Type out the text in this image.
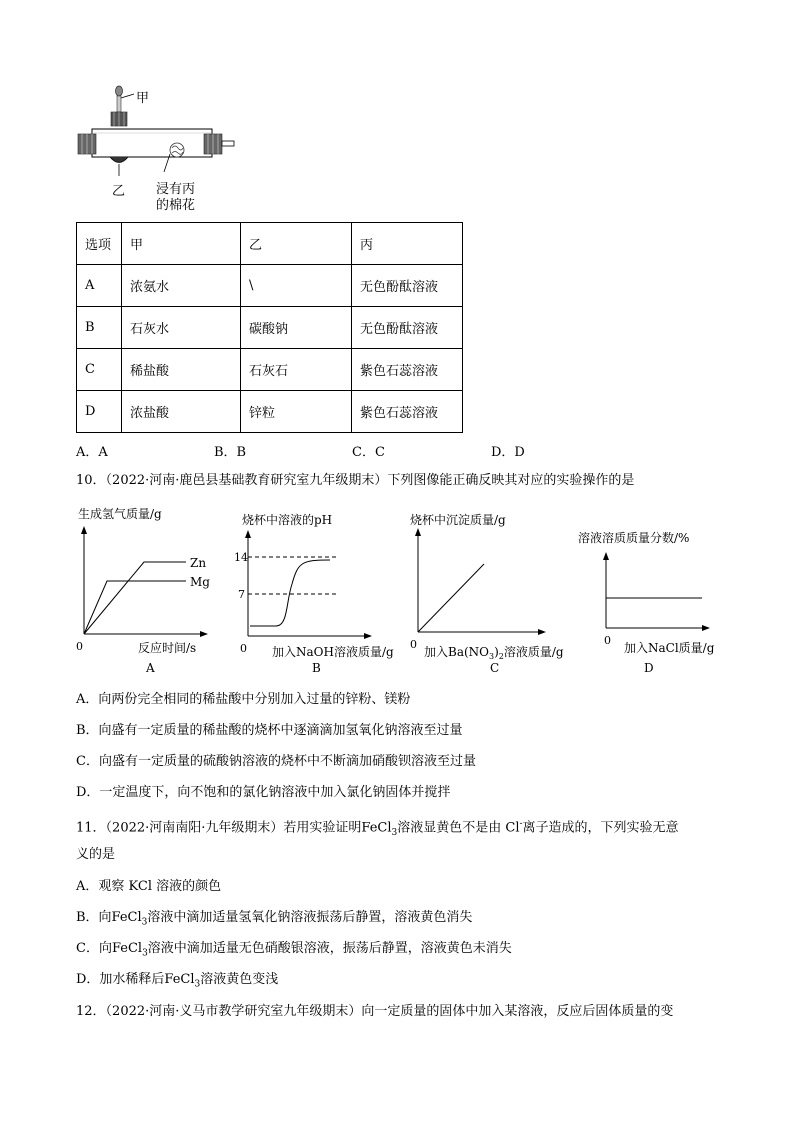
甲
乙 浸有丙
的棉花
选项	甲	乙	丙
A	浓氨水	\	无色酚酞溶液
B	石灰水	碳酸钠	无色酚酞溶液
C	稀盐酸	石灰石	紫色石蕊溶液
D	浓盐酸	锌粒	紫色石蕊溶液
A．A	B．B	C．C	D．D
10．（2022·河南·鹿邑县基础教育研究室九年级期末）下列图像能正确反映其对应的实验操作的是
生成氢气质量/g
Zn
Mg
0	反应时间/s
A
烧杯中溶液的pH
14
7
0 加入NaOH溶液质量/g
B
烧杯中沉淀质量/g
0
加入$Ba(NO_3)_2$溶液质量/g
C
溶液溶质质量分数/%
0
加入NaCl质量/g
D
A．向两份完全相同的稀盐酸中分别加入过量的锌粉、镁粉
B．向盛有一定质量的稀盐酸的烧杯中逐滴滴加氢氧化钠溶液至过量
C．向盛有一定质量的硫酸钠溶液的烧杯中不断滴加硝酸钡溶液至过量
D．一定温度下，向不饱和的氯化钠溶液中加入氯化钠固体并搅拌
11．（2022·河南南阳·九年级期末）若用实验证明FeCl$_3$溶液显黄色不是由 Cl-离子造成的，下列实验无意
义的是
A．观察 KCl 溶液的颜色
B．向FeCl$_3$溶液中滴加适量氢氧化钠溶液振荡后静置，溶液黄色消失
C．向FeCl$_3$溶液中滴加适量无色硝酸银溶液，振荡后静置，溶液黄色未消失
D．加水稀释后FeCl$_3$溶液黄色变浅
12．（2022·河南·义马市教学研究室九年级期末）向一定质量的固体中加入某溶液，反应后固体质量的变
